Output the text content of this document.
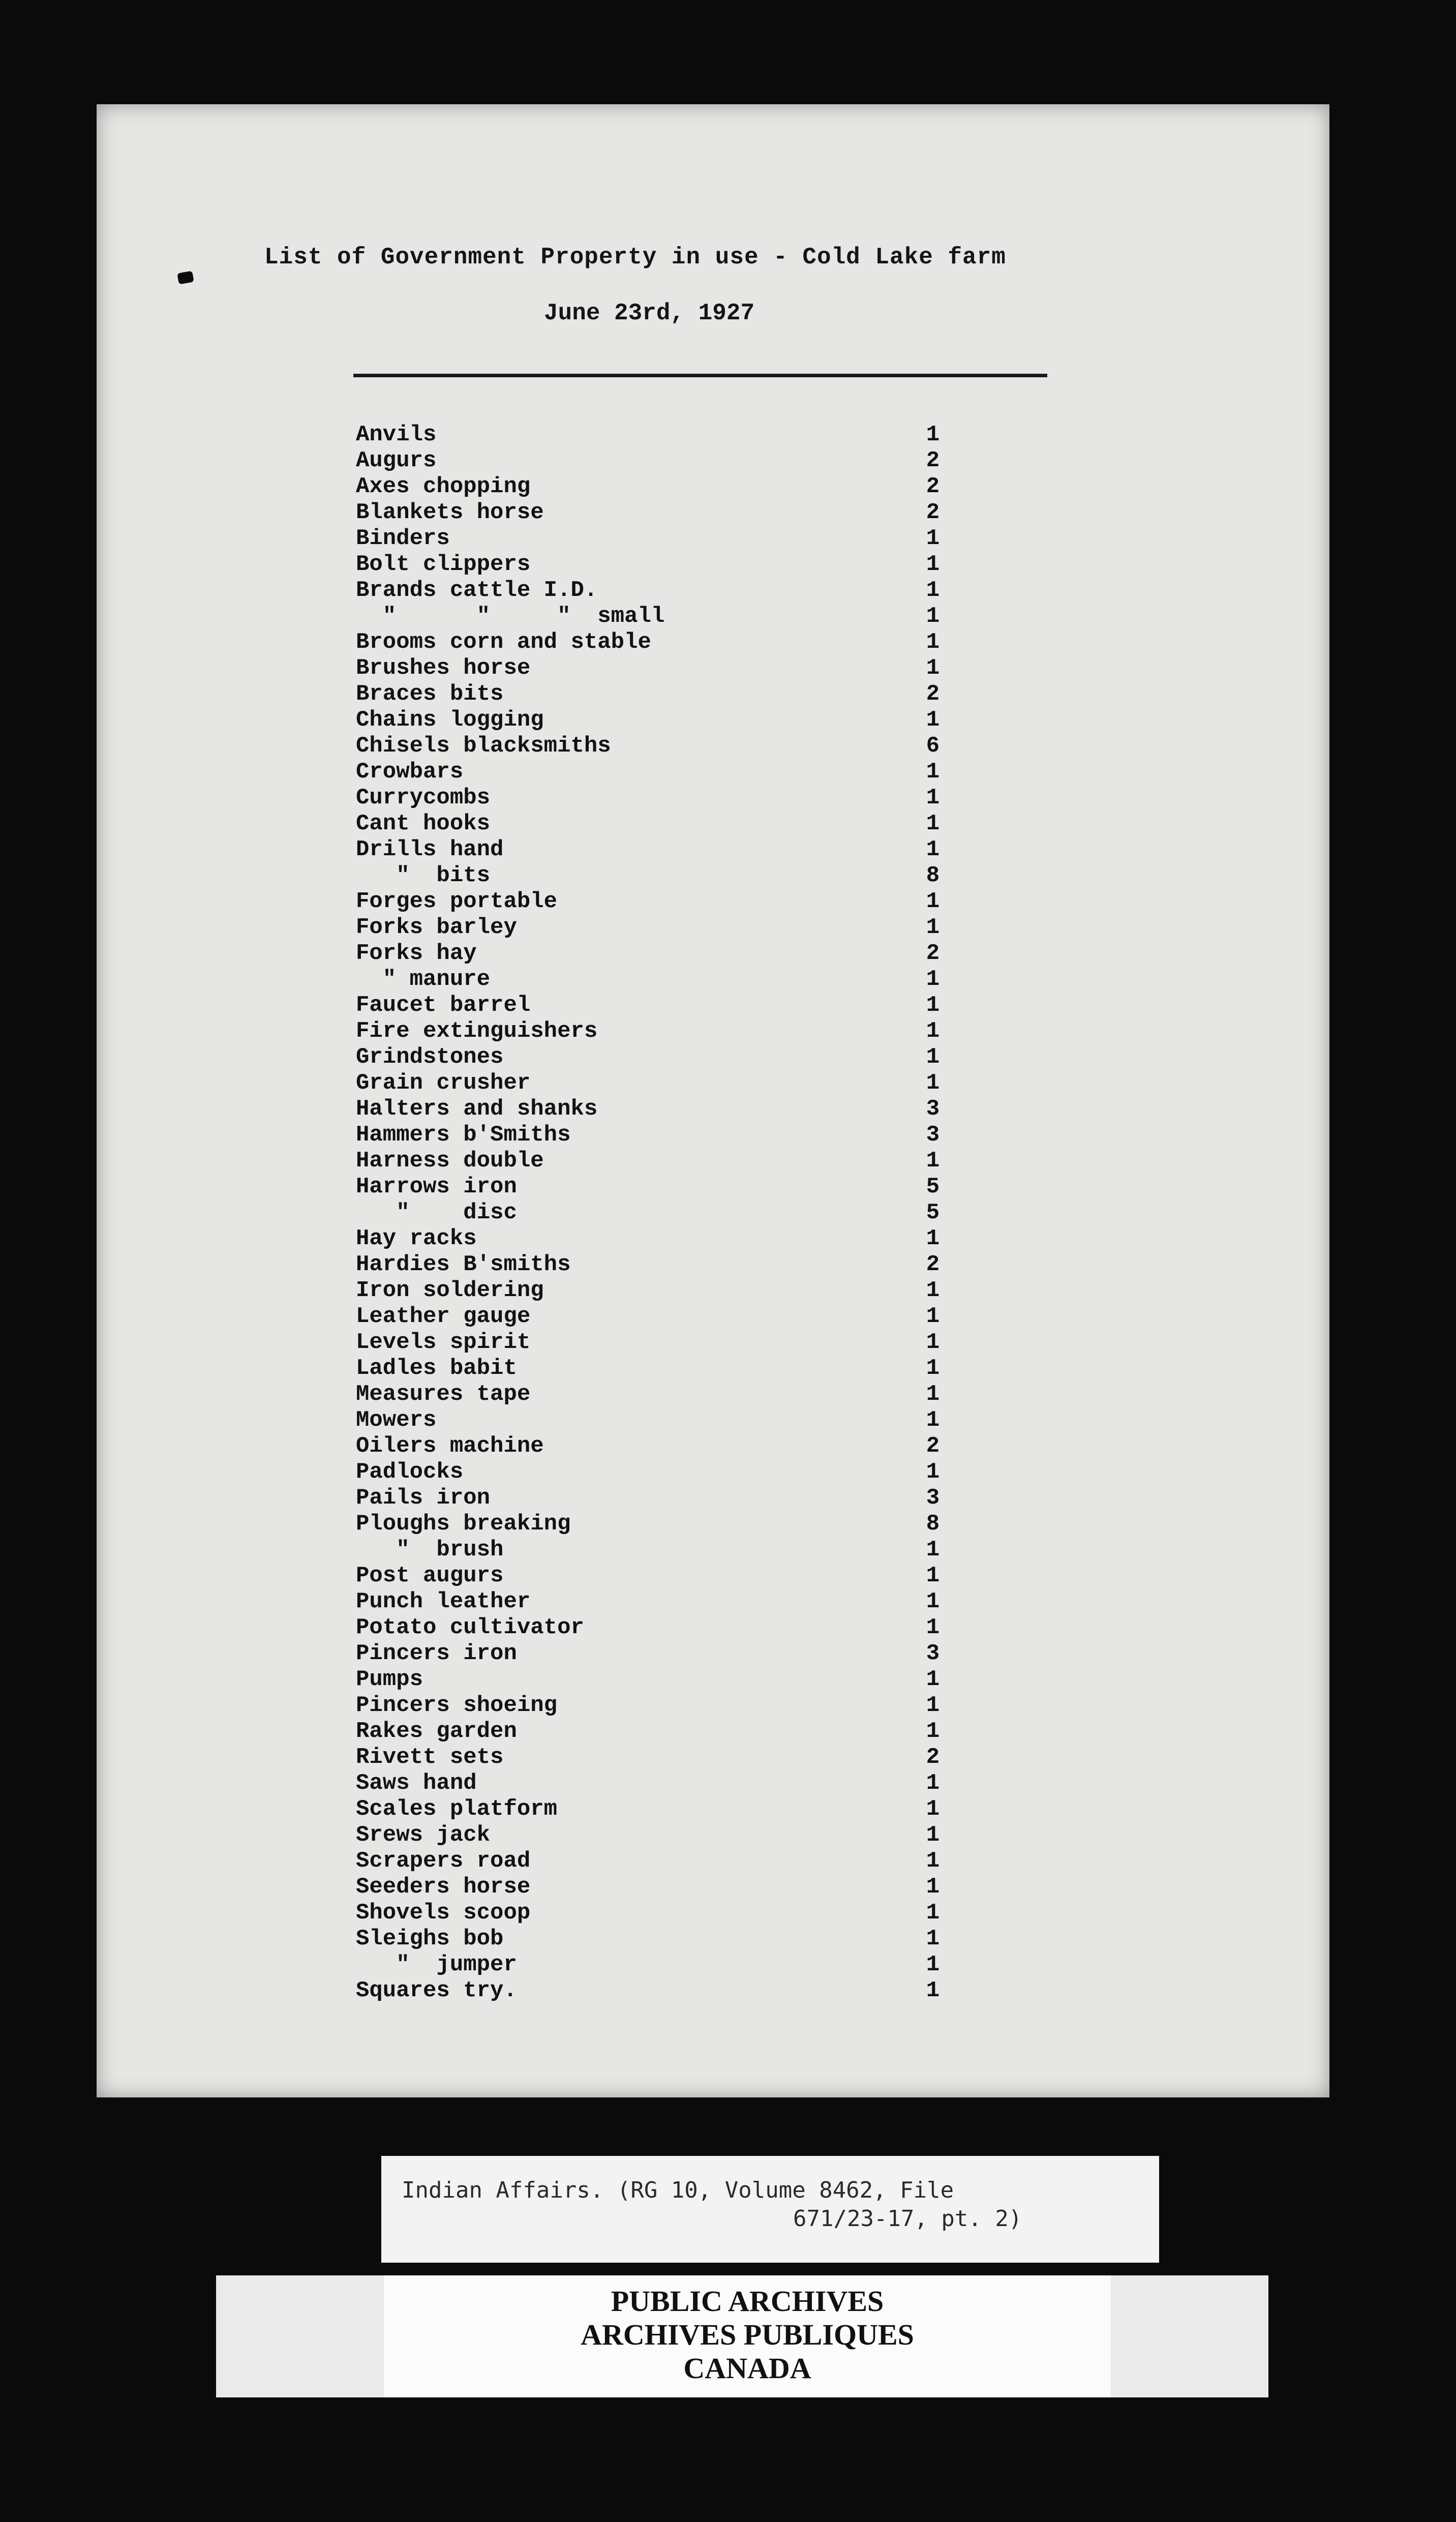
List of Government Property in use - Cold Lake farm
June 23rd, 1927
Anvils	1
Augurs	2
Axes chopping	2
Blankets horse	2
Binders	1
Bolt clippers	1
Brands cattle I.D.	1
"      "     "  small	1
Brooms corn and stable	1
Brushes horse	1
Braces bits	2
Chains logging	1
Chisels blacksmiths	6
Crowbars	1
Currycombs	1
Cant hooks	1
Drills hand	1
"  bits	8
Forges portable	1
Forks barley	1
Forks hay	2
" manure	1
Faucet barrel	1
Fire extinguishers	1
Grindstones	1
Grain crusher	1
Halters and shanks	3
Hammers b'Smiths	3
Harness double	1
Harrows iron	5
"    disc	5
Hay racks	1
Hardies B'smiths	2
Iron soldering	1
Leather gauge	1
Levels spirit	1
Ladles babit	1
Measures tape	1
Mowers	1
Oilers machine	2
Padlocks	1
Pails iron	3
Ploughs breaking	8
"  brush	1
Post augurs	1
Punch leather	1
Potato cultivator	1
Pincers iron	3
Pumps	1
Pincers shoeing	1
Rakes garden	1
Rivett sets	2
Saws hand	1
Scales platform	1
Srews jack	1
Scrapers road	1
Seeders horse	1
Shovels scoop	1
Sleighs bob	1
"  jumper	1
Squares try.	1
Indian Affairs. (RG 10, Volume 8462, File
671/23-17, pt. 2)
PUBLIC ARCHIVES
ARCHIVES PUBLIQUES
CANADA
